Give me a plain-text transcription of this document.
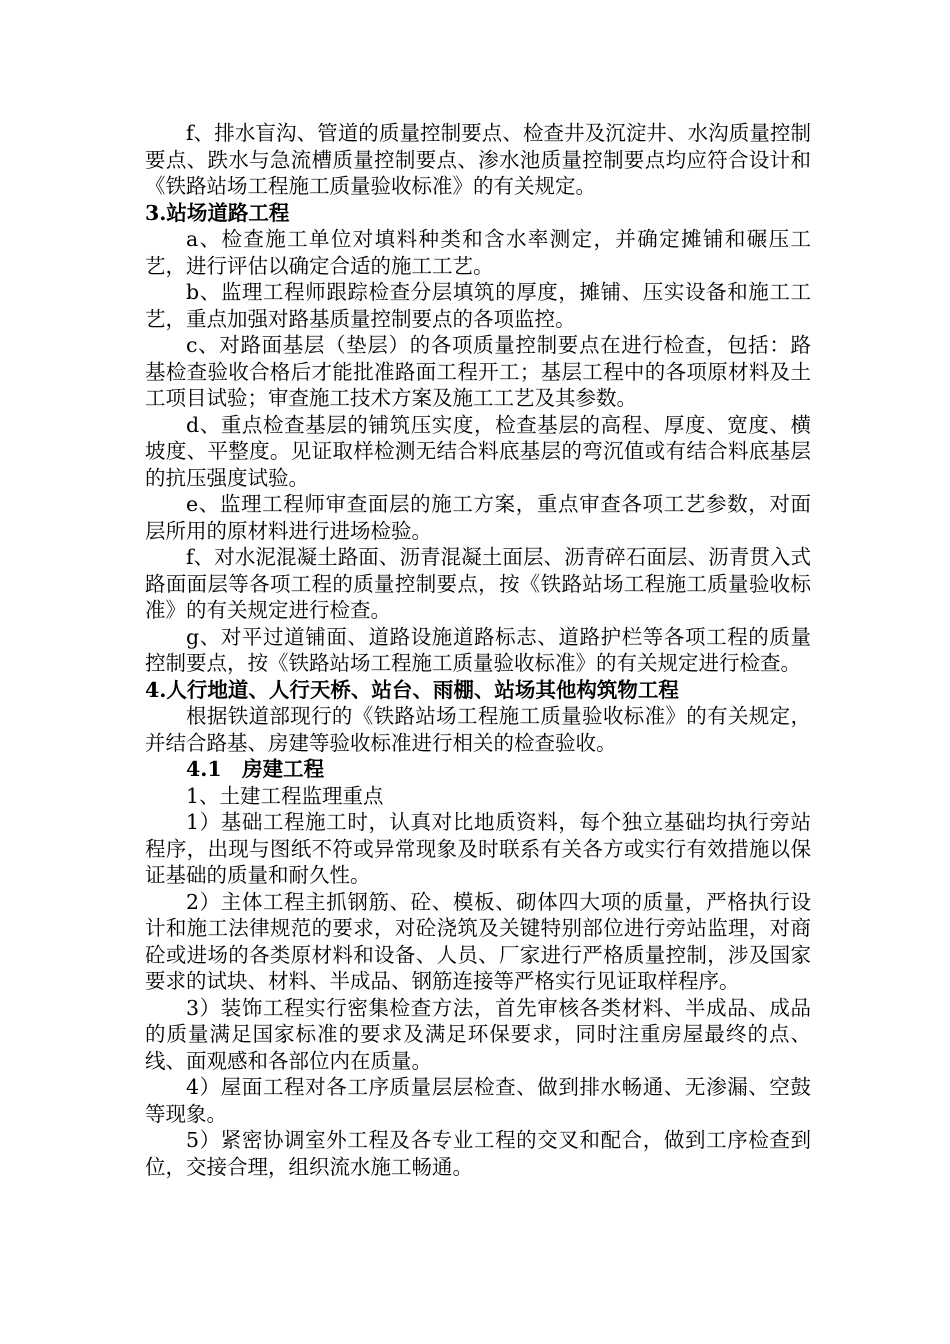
f、排水盲沟、管道的质量控制要点、检查井及沉淀井、水沟质量控制要点、跌水与急流槽质量控制要点、渗水池质量控制要点均应符合设计和《铁路站场工程施工质量验收标准》的有关规定。

3.站场道路工程

a、检查施工单位对填料种类和含水率测定，并确定摊铺和碾压工艺，进行评估以确定合适的施工工艺。

b、监理工程师跟踪检查分层填筑的厚度，摊铺、压实设备和施工工艺，重点加强对路基质量控制要点的各项监控。

c、对路面基层（垫层）的各项质量控制要点在进行检查，包括：路基检查验收合格后才能批准路面工程开工；基层工程中的各项原材料及土工项目试验；审查施工技术方案及施工工艺及其参数。

d、重点检查基层的铺筑压实度，检查基层的高程、厚度、宽度、横坡度、平整度。见证取样检测无结合料底基层的弯沉值或有结合料底基层的抗压强度试验。

e、监理工程师审查面层的施工方案，重点审查各项工艺参数，对面层所用的原材料进行进场检验。

f、对水泥混凝土路面、沥青混凝土面层、沥青碎石面层、沥青贯入式路面面层等各项工程的质量控制要点，按《铁路站场工程施工质量验收标准》的有关规定进行检查。

g、对平过道铺面、道路设施道路标志、道路护栏等各项工程的质量控制要点，按《铁路站场工程施工质量验收标准》的有关规定进行检查。

4.人行地道、人行天桥、站台、雨棚、站场其他构筑物工程

根据铁道部现行的《铁路站场工程施工质量验收标准》的有关规定，并结合路基、房建等验收标准进行相关的检查验收。

4.1　房建工程

1、土建工程监理重点

1）基础工程施工时，认真对比地质资料，每个独立基础均执行旁站程序，出现与图纸不符或异常现象及时联系有关各方或实行有效措施以保证基础的质量和耐久性。

2）主体工程主抓钢筋、砼、模板、砌体四大项的质量，严格执行设计和施工法律规范的要求，对砼浇筑及关键特别部位进行旁站监理，对商砼或进场的各类原材料和设备、人员、厂家进行严格质量控制，涉及国家要求的试块、材料、半成品、钢筋连接等严格实行见证取样程序。

3）装饰工程实行密集检查方法，首先审核各类材料、半成品、成品的质量满足国家标准的要求及满足环保要求，同时注重房屋最终的点、线、面观感和各部位内在质量。

4）屋面工程对各工序质量层层检查、做到排水畅通、无渗漏、空鼓等现象。

5）紧密协调室外工程及各专业工程的交叉和配合，做到工序检查到位，交接合理，组织流水施工畅通。
